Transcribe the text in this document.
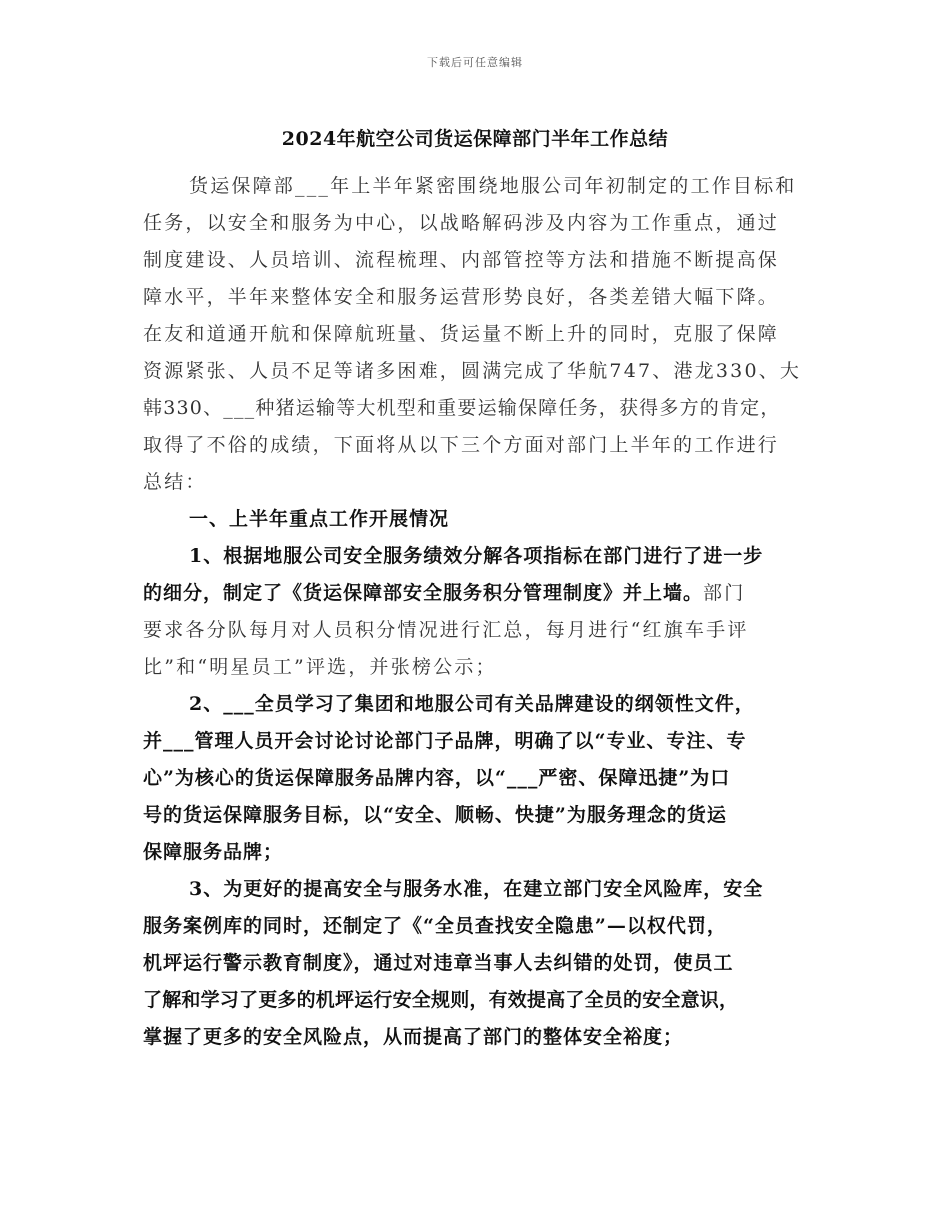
下载后可任意编辑
2024年航空公司货运保障部门半年工作总结
货运保障部___年上半年紧密围绕地服公司年初制定的工作目标和
任务，以安全和服务为中心，以战略解码涉及内容为工作重点，通过
制度建设、人员培训、流程梳理、内部管控等方法和措施不断提高保
障水平，半年来整体安全和服务运营形势良好，各类差错大幅下降。
在友和道通开航和保障航班量、货运量不断上升的同时，克服了保障
资源紧张、人员不足等诸多困难，圆满完成了华航747、港龙330、大
韩330、___种猪运输等大机型和重要运输保障任务，获得多方的肯定，
取得了不俗的成绩，下面将从以下三个方面对部门上半年的工作进行
总结：
一、上半年重点工作开展情况
1、根据地服公司安全服务绩效分解各项指标在部门进行了进一步
的细分，制定了《货运保障部安全服务积分管理制度》并上墙。部门
要求各分队每月对人员积分情况进行汇总，每月进行“红旗车手评
比”和“明星员工”评选，并张榜公示；
2、___全员学习了集团和地服公司有关品牌建设的纲领性文件，
并___管理人员开会讨论讨论部门子品牌，明确了以“专业、专注、专
心”为核心的货运保障服务品牌内容，以“___严密、保障迅捷”为口
号的货运保障服务目标，以“安全、顺畅、快捷”为服务理念的货运
保障服务品牌；
3、为更好的提高安全与服务水准，在建立部门安全风险库，安全
服务案例库的同时，还制定了《“全员查找安全隐患”—以权代罚，
机坪运行警示教育制度》，通过对违章当事人去纠错的处罚，使员工
了解和学习了更多的机坪运行安全规则，有效提高了全员的安全意识，
掌握了更多的安全风险点，从而提高了部门的整体安全裕度；
